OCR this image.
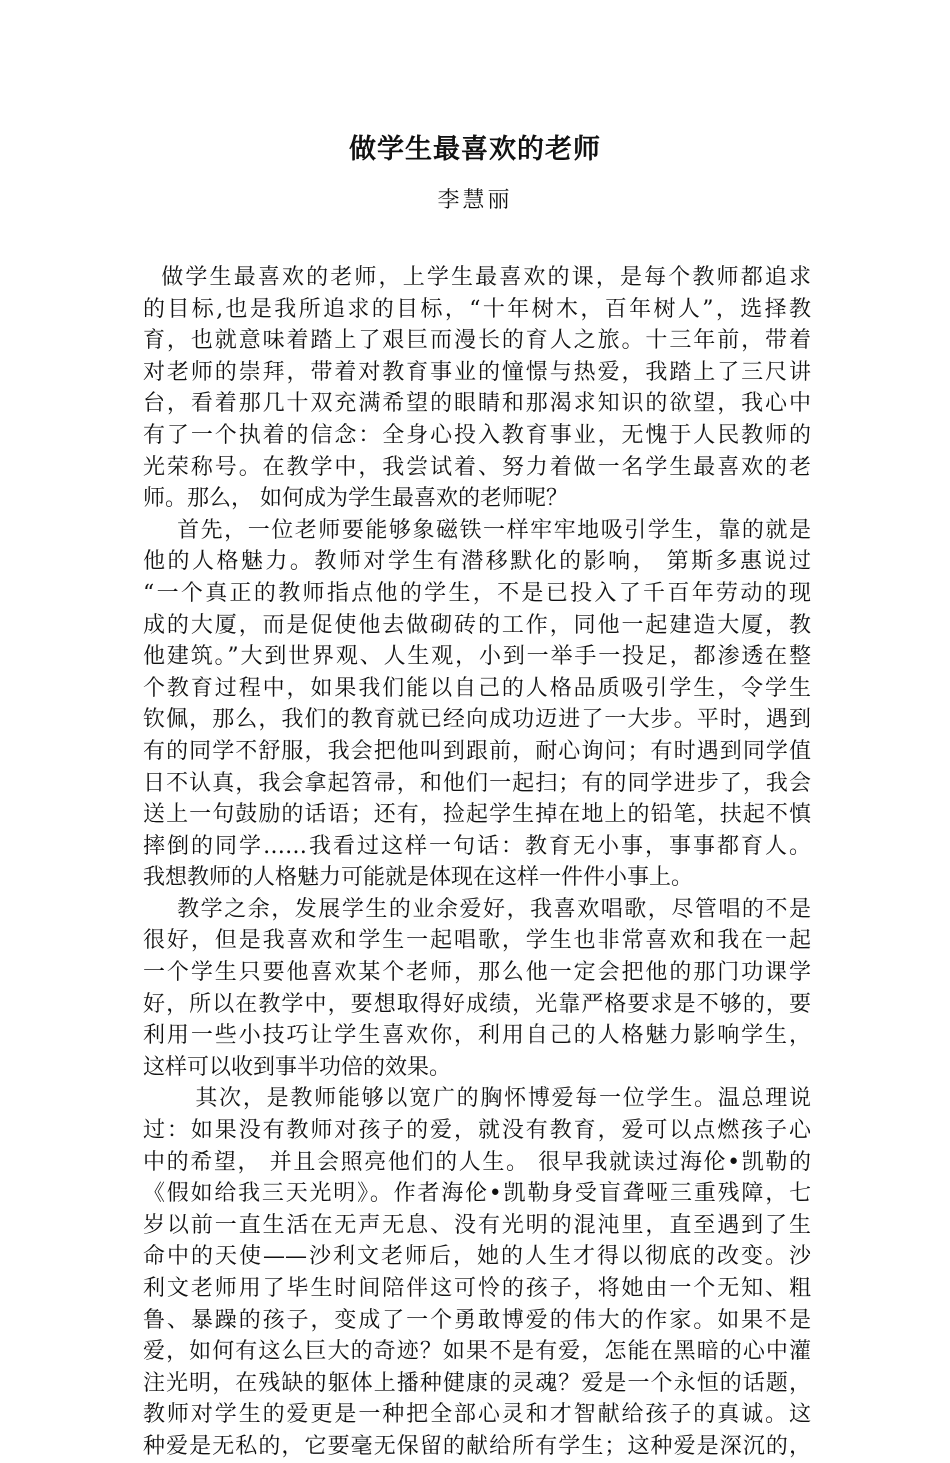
做学生最喜欢的老师
李慧丽
做学生最喜欢的老师，上学生最喜欢的课，是每个教师都追求
的目标,也是我所追求的目标，“十年树木，百年树人”，选择教
育，也就意味着踏上了艰巨而漫长的育人之旅。十三年前，带着
对老师的崇拜，带着对教育事业的憧憬与热爱，我踏上了三尺讲
台，看着那几十双充满希望的眼睛和那渴求知识的欲望，我心中
有了一个执着的信念：全身心投入教育事业，无愧于人民教师的
光荣称号。在教学中，我尝试着、努力着做一名学生最喜欢的老
师。那么， 如何成为学生最喜欢的老师呢？
首先，一位老师要能够象磁铁一样牢牢地吸引学生，靠的就是
他的人格魅力。教师对学生有潜移默化的影响， 第斯多惠说过
“一个真正的教师指点他的学生，不是已投入了千百年劳动的现
成的大厦，而是促使他去做砌砖的工作，同他一起建造大厦，教
他建筑。”大到世界观、人生观，小到一举手一投足，都渗透在整
个教育过程中，如果我们能以自己的人格品质吸引学生，令学生
钦佩，那么，我们的教育就已经向成功迈进了一大步。平时，遇到
有的同学不舒服，我会把他叫到跟前，耐心询问；有时遇到同学值
日不认真，我会拿起笤帚，和他们一起扫；有的同学进步了，我会
送上一句鼓励的话语；还有，捡起学生掉在地上的铅笔，扶起不慎
摔倒的同学……我看过这样一句话：教育无小事，事事都育人。
我想教师的人格魅力可能就是体现在这样一件件小事上。
教学之余，发展学生的业余爱好，我喜欢唱歌，尽管唱的不是
很好，但是我喜欢和学生一起唱歌，学生也非常喜欢和我在一起
一个学生只要他喜欢某个老师，那么他一定会把他的那门功课学
好，所以在教学中，要想取得好成绩，光靠严格要求是不够的，要
利用一些小技巧让学生喜欢你，利用自己的人格魅力影响学生，
这样可以收到事半功倍的效果。
其次，是教师能够以宽广的胸怀博爱每一位学生。温总理说
过：如果没有教师对孩子的爱，就没有教育，爱可以点燃孩子心
中的希望， 并且会照亮他们的人生。 很早我就读过海伦•凯勒的
《假如给我三天光明》。作者海伦•凯勒身受盲聋哑三重残障，七
岁以前一直生活在无声无息、没有光明的混沌里，直至遇到了生
命中的天使——沙利文老师后，她的人生才得以彻底的改变。沙
利文老师用了毕生时间陪伴这可怜的孩子，将她由一个无知、粗
鲁、暴躁的孩子，变成了一个勇敢博爱的伟大的作家。如果不是
爱，如何有这么巨大的奇迹？如果不是有爱，怎能在黑暗的心中灌
注光明，在残缺的躯体上播种健康的灵魂？爱是一个永恒的话题，
教师对学生的爱更是一种把全部心灵和才智献给孩子的真诚。这
种爱是无私的，它要毫无保留的献给所有学生；这种爱是深沉的，
